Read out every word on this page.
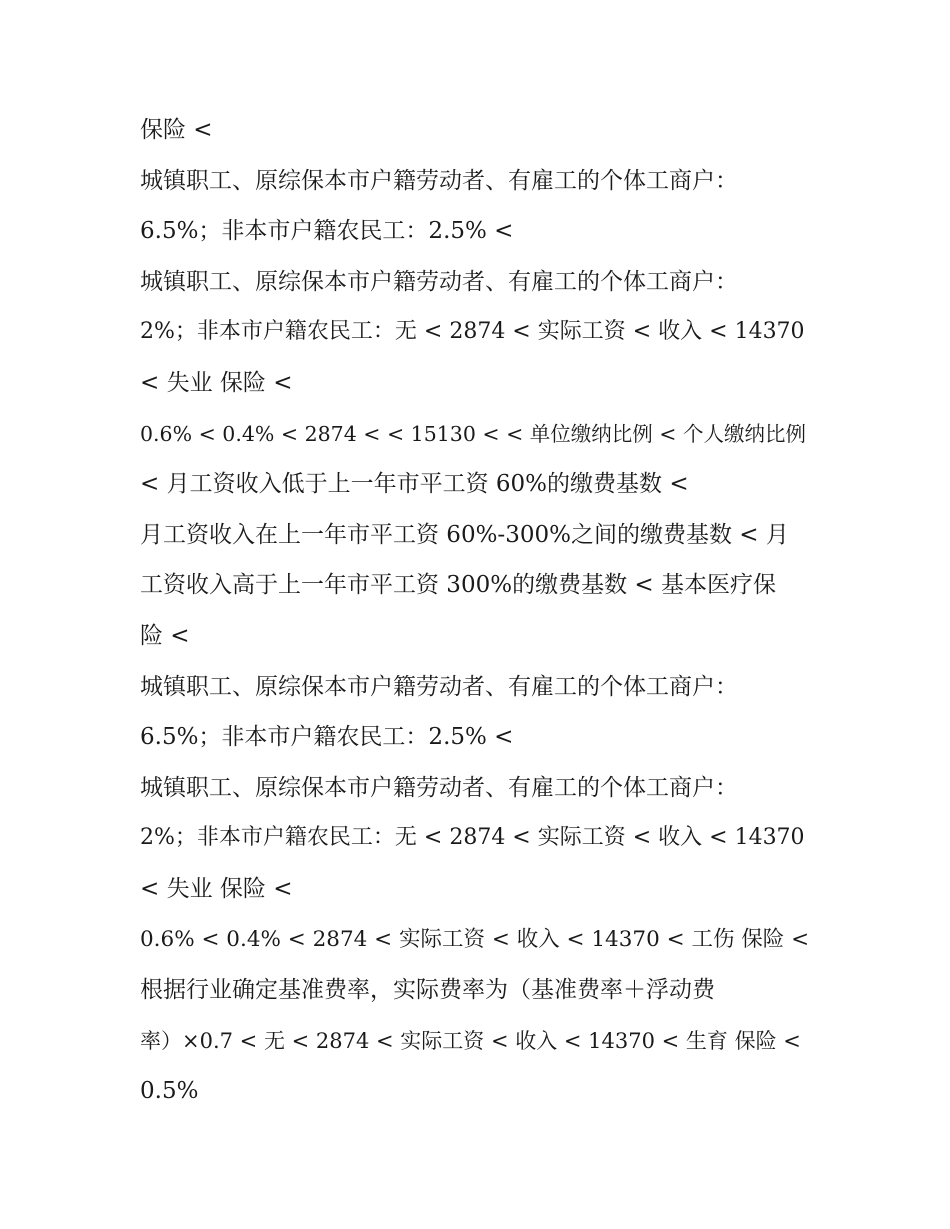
保险 <

城镇职工、原综保本市户籍劳动者、有雇工的个体工商户：

6.5%；非本市户籍农民工：2.5% <

城镇职工、原综保本市户籍劳动者、有雇工的个体工商户：

2%；非本市户籍农民工：无 < 2874 < 实际工资 < 收入 < 14370

< 失业 保险 <

0.6% < 0.4% < 2874 < < 15130 < < 单位缴纳比例 < 个人缴纳比例

< 月工资收入低于上一年市平工资 60%的缴费基数 <

月工资收入在上一年市平工资 60%-300%之间的缴费基数 < 月

工资收入高于上一年市平工资 300%的缴费基数 < 基本医疗保

险 <

城镇职工、原综保本市户籍劳动者、有雇工的个体工商户：

6.5%；非本市户籍农民工：2.5% <

城镇职工、原综保本市户籍劳动者、有雇工的个体工商户：

2%；非本市户籍农民工：无 < 2874 < 实际工资 < 收入 < 14370

< 失业 保险 <

0.6% < 0.4% < 2874 < 实际工资 < 收入 < 14370 < 工伤 保险 <

根据行业确定基准费率，实际费率为（基准费率＋浮动费

率）×0.7 < 无 < 2874 < 实际工资 < 收入 < 14370 < 生育 保险 <

0.5%
